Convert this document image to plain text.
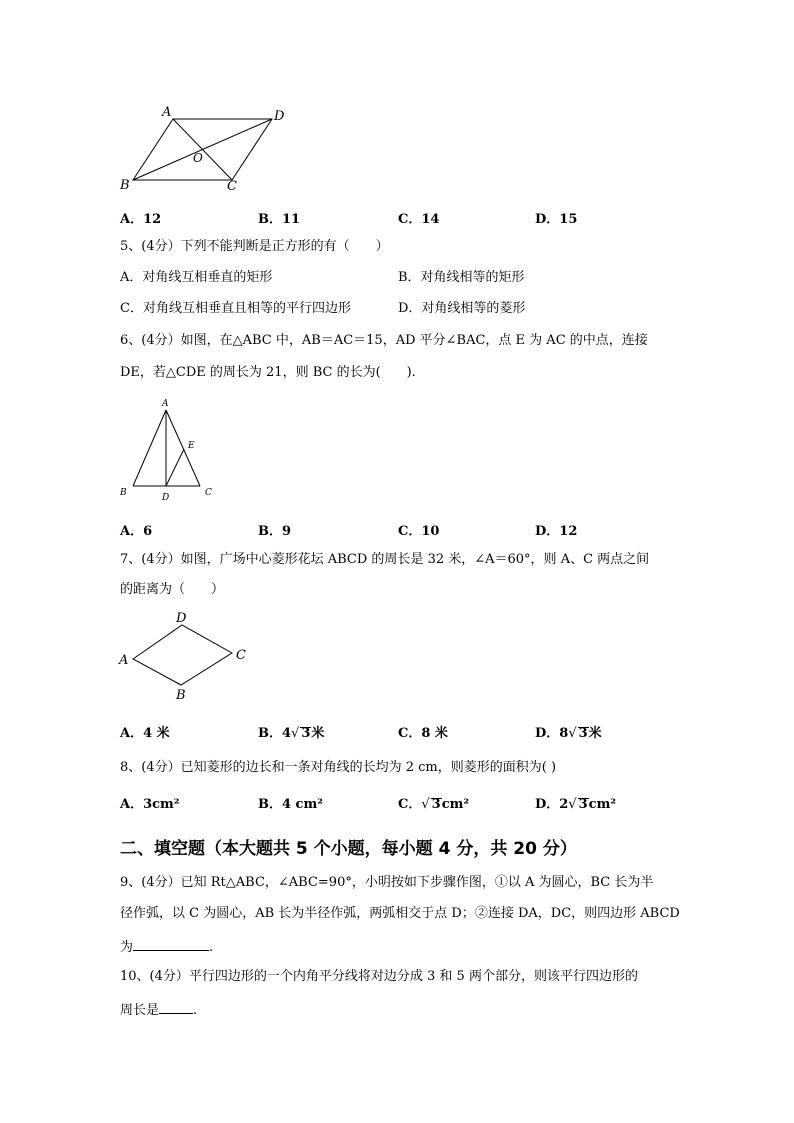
A	D
O
B	C
A．12	B．11	C．14	D．15
5、(4分）下列不能判断是正方形的有（　　）
A．对角线互相垂直的矩形	B．对角线相等的矩形
C．对角线互相垂直且相等的平行四边形	D．对角线相等的菱形
6、(4分）如图，在△ABC 中，AB＝AC＝15，AD 平分∠BAC，点 E 为 AC 的中点，连接
DE，若△CDE 的周长为 21，则 BC 的长为(　　).
A
E
B	D	C
A．6	B．9	C．10	D．12
7、(4分）如图，广场中心菱形花坛 ABCD 的周长是 32 米，∠A＝60°，则 A、C 两点之间
的距离为（　　）
D
A	C
B
A．4 米	B．4√ 3米	C．8 米	D．8√ 3米
8、(4分）已知菱形的边长和一条对角线的长均为 2 cm，则菱形的面积为( )
A．3cm²	B．4 cm²	C．√ 3cm²	D．2√ 3cm²
二、填空题（本大题共 5 个小题，每小题 4 分，共 20 分）
9、(4分）已知 Rt△ABC，∠ABC=90°，小明按如下步骤作图，①以 A 为圆心，BC 长为半
径作弧，以 C 为圆心，AB 长为半径作弧，两弧相交于点 D；②连接 DA，DC，则四边形 ABCD
为	.
10、(4分）平行四边形的一个内角平分线将对边分成 3 和 5 两个部分，则该平行四边形的
周长是	.
